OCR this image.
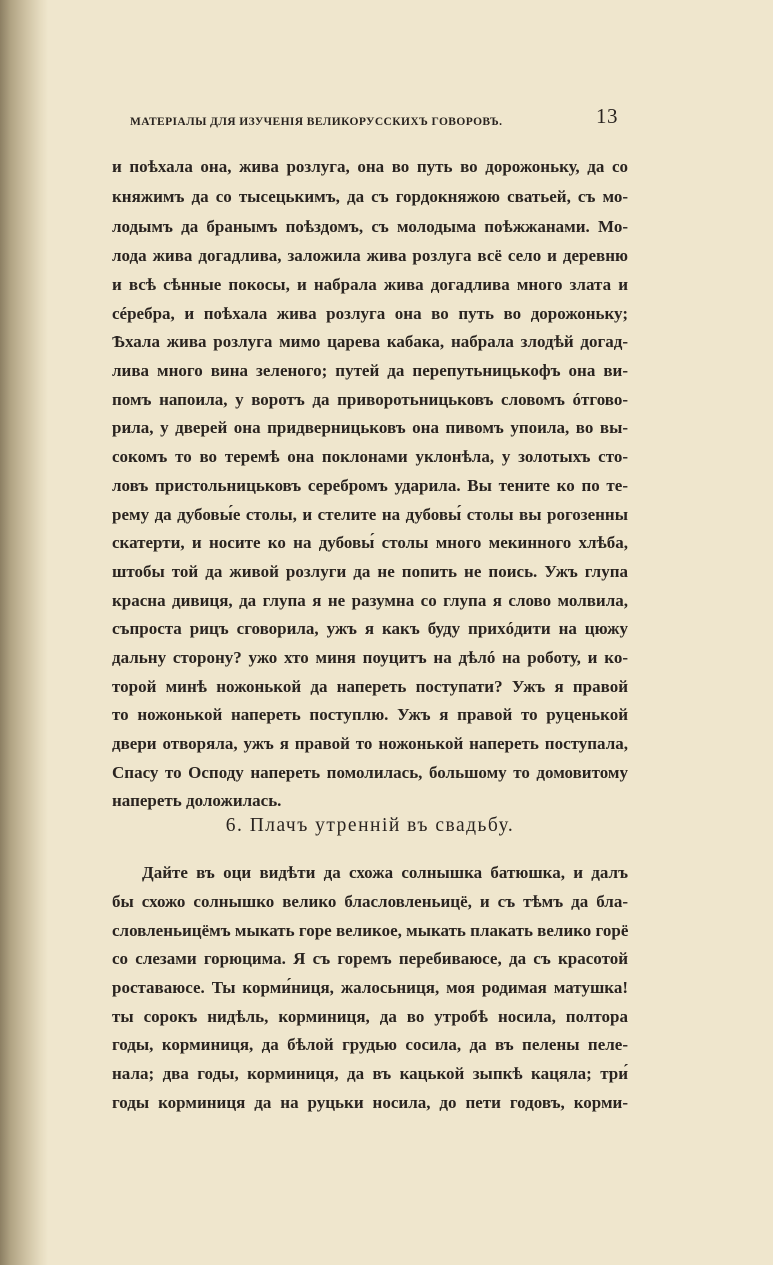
МАТЕРІАЛЫ ДЛЯ ИЗУЧЕНІЯ ВЕЛИКОРУССКИХЪ ГОВОРОВЪ.	13
и поѣхала она, жива розлуга, она во путь во дорожоньку, да со
княжимъ да со тысецькимъ, да съ гордокняжою сватьей, съ мо-
лодымъ да бранымъ поѣздомъ, съ молодыма поѣжжанами. Мо-
лода жива догадлива, заложила жива розлуга всё село и деревню
и всѣ сѣнные покосы, и набрала жива догадлива много злата и
сéребра, и поѣхала жива розлуга она во путь во дорожоньку;
Ѣхала жива розлуга мимо царева кабака, набрала злодѣй догад-
лива много вина зеленого; путей да перепутьницькофъ она ви-
помъ напоила, у воротъ да приворотьницьковъ словомъ óтгово-
рила, у дверей она придверницьковъ она пивомъ упоила, во вы-
сокомъ то во теремѣ она поклонами уклонѣла, у золотыхъ сто-
ловъ пристольницьковъ серебромъ ударила. Вы тените ко по те-
рему да дубовы́е столы, и стелите на дубовы́ столы вы рогозенны
скатерти, и носите ко на дубовы́ столы много мекинного хлѣба,
штобы той да живой розлуги да не попить не поись. Ужъ глупа
красна дивиця, да глупа я не разумна со глупа я слово молвила,
съпроста рицъ сговорила, ужъ я какъ буду прихóдити на цюжу
дальну сторону? ужо хто миня поуцитъ на дѣлó на роботу, и ко-
торой минѣ ножонькой да напереть поступати? Ужъ я правой
то ножонькой напереть поступлю. Ужъ я правой то руценькой
двери отворяла, ужъ я правой то ножонькой напереть поступала,
Спасу то Осподу напереть помолилась, большому то домовитому
напереть доложилась.
6. Плачъ утреннiй въ свадьбу.
Дайте въ оци видѣти да схожа солнышка батюшка, и далъ
бы схожо солнышко велико бласловленьицё, и съ тѣмъ да бла-
словленьицёмъ мыкать горе великое, мыкать плакать велико горё
со слезами горюцима. Я съ горемъ перебиваюсе, да съ красотой
роставаюсе. Ты корми́ниця, жалосьниця, моя родимая матушка!
ты сорокъ нидѣль, корминиця, да во утробѣ носила, полтора
годы, корминиця, да бѣлой грудью сосила, да въ пелены пеле-
нала; два годы, корминиця, да въ кацькой зыпкѣ кацяла; три́
годы корминиця да на руцьки носила, до пети годовъ, корми-
